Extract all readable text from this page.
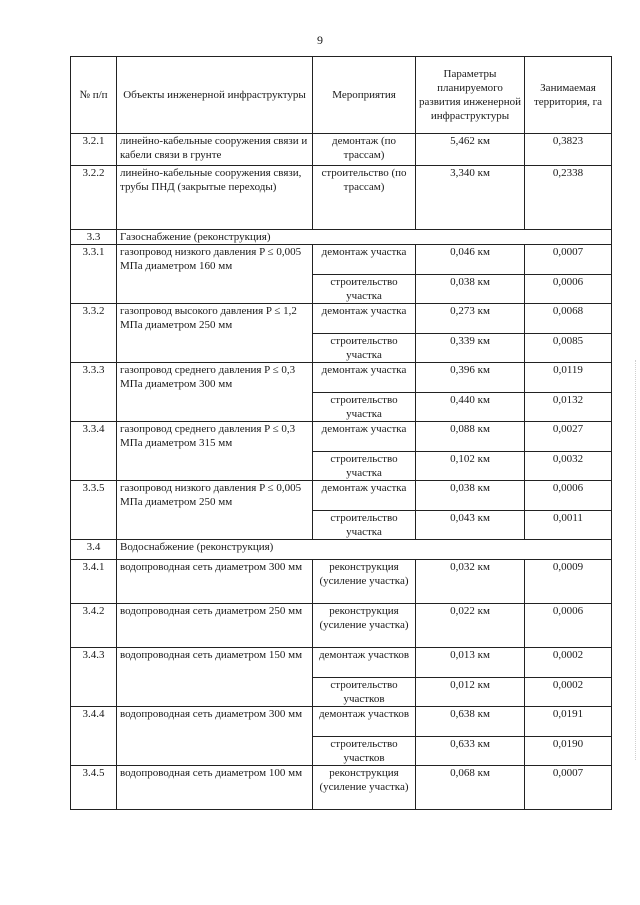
9
№ п/п	Объекты инженерной инфраструктуры	Мероприятия	Параметры планируемого развития инженерной инфраструктуры	Занимаемая территория, га
3.2.1	линейно-кабельные сооружения связи и кабели связи в грунте	демонтаж (по трассам)	5,462 км	0,3823
3.2.2	линейно-кабельные сооружения связи, трубы ПНД (закрытые переходы)	строительство (по трассам)	3,340 км	0,2338
3.3	Газоснабжение (реконструкция)			
3.3.1	газопровод низкого давления P ≤ 0,005 МПа диаметром 160 мм	демонтаж участка	0,046 км	0,0007
		строительство участка	0,038 км	0,0006
3.3.2	газопровод высокого давления P ≤ 1,2 МПа диаметром 250 мм	демонтаж участка	0,273 км	0,0068
		строительство участка	0,339 км	0,0085
3.3.3	газопровод среднего давления P ≤ 0,3 МПа диаметром 300 мм	демонтаж участка	0,396 км	0,0119
		строительство участка	0,440 км	0,0132
3.3.4	газопровод среднего давления P ≤ 0,3 МПа диаметром 315 мм	демонтаж участка	0,088 км	0,0027
		строительство участка	0,102 км	0,0032
3.3.5	газопровод низкого давления P ≤ 0,005 МПа диаметром 250 мм	демонтаж участка	0,038 км	0,0006
		строительство участка	0,043 км	0,0011
3.4	Водоснабжение (реконструкция)			
3.4.1	водопроводная сеть диаметром 300 мм	реконструкция (усиление участка)	0,032 км	0,0009
3.4.2	водопроводная сеть диаметром 250 мм	реконструкция (усиление участка)	0,022 км	0,0006
3.4.3	водопроводная сеть диаметром 150 мм	демонтаж участков	0,013 км	0,0002
		строительство участков	0,012 км	0,0002
3.4.4	водопроводная сеть диаметром 300 мм	демонтаж участков	0,638 км	0,0191
		строительство участков	0,633 км	0,0190
3.4.5	водопроводная сеть диаметром 100 мм	реконструкция (усиление участка)	0,068 км	0,0007
